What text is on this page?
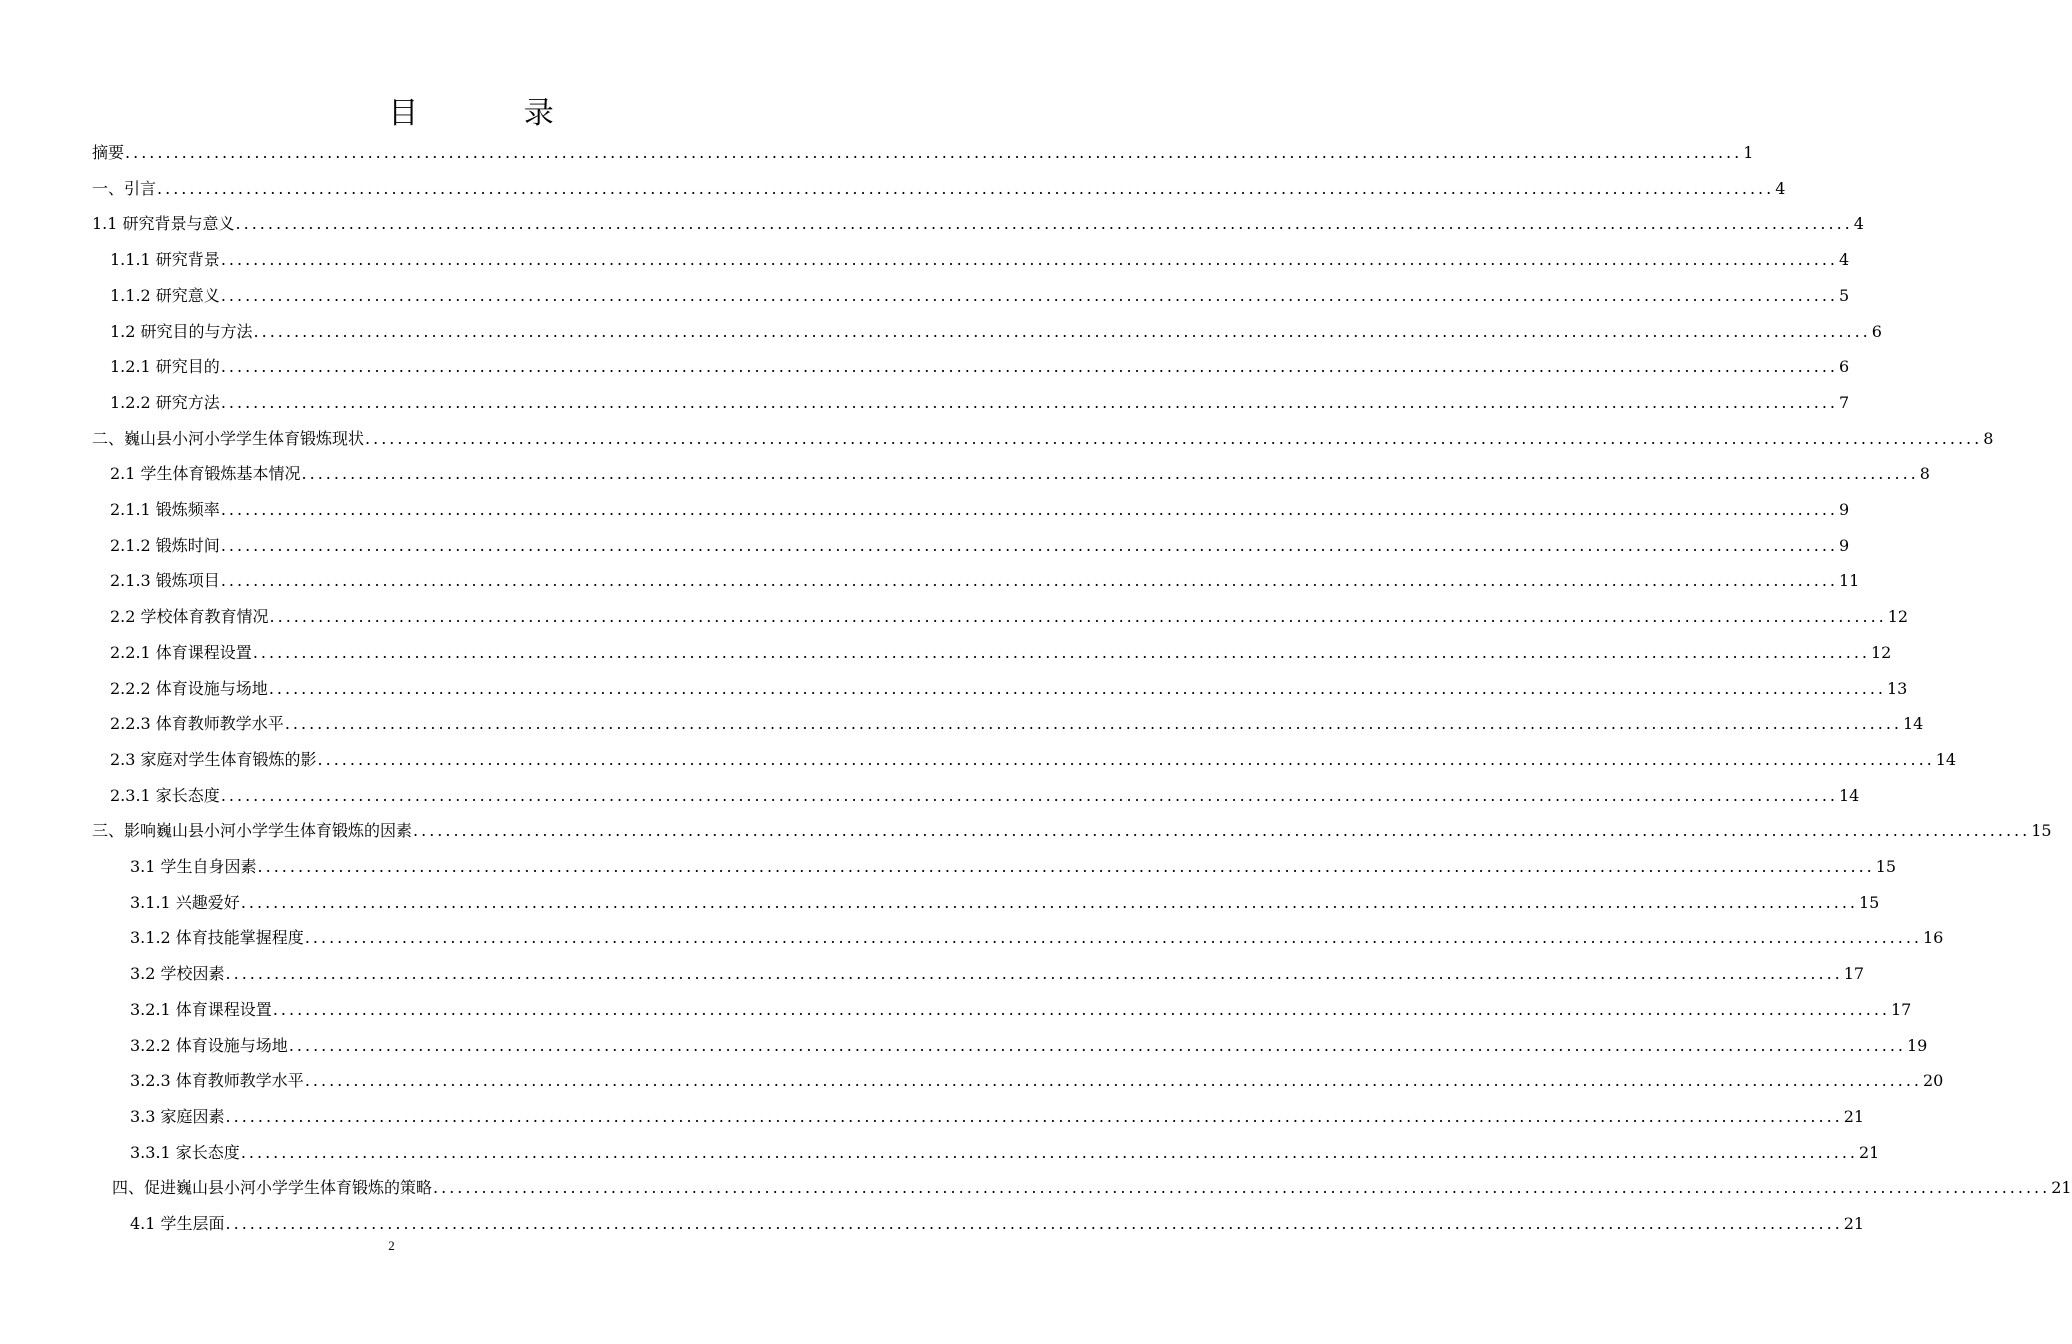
目 录
摘要 ........................................................................................................................................................................................................ 1
一、引言 ........................................................................................................................................................................................................ 4
1.1 研究背景与意义 ........................................................................................................................................................................................................ 4
1.1.1 研究背景 ........................................................................................................................................................................................................ 4
1.1.2 研究意义 ........................................................................................................................................................................................................ 5
1.2 研究目的与方法 ........................................................................................................................................................................................................ 6
1.2.1 研究目的 ........................................................................................................................................................................................................ 6
1.2.2 研究方法 ........................................................................................................................................................................................................ 7
二、巍山县小河小学学生体育锻炼现状 ........................................................................................................................................................................................................ 8
2.1 学生体育锻炼基本情况 ........................................................................................................................................................................................................ 8
2.1.1 锻炼频率 ........................................................................................................................................................................................................ 9
2.1.2 锻炼时间 ........................................................................................................................................................................................................ 9
2.1.3 锻炼项目 ........................................................................................................................................................................................................ 11
2.2 学校体育教育情况 ........................................................................................................................................................................................................ 12
2.2.1 体育课程设置 ........................................................................................................................................................................................................ 12
2.2.2 体育设施与场地 ........................................................................................................................................................................................................ 13
2.2.3 体育教师教学水平 ........................................................................................................................................................................................................ 14
2.3 家庭对学生体育锻炼的影 ........................................................................................................................................................................................................ 14
2.3.1 家长态度 ........................................................................................................................................................................................................ 14
三、影响巍山县小河小学学生体育锻炼的因素 ........................................................................................................................................................................................................ 15
3.1 学生自身因素 ........................................................................................................................................................................................................ 15
3.1.1 兴趣爱好 ........................................................................................................................................................................................................ 15
3.1.2 体育技能掌握程度 ........................................................................................................................................................................................................ 16
3.2 学校因素 ........................................................................................................................................................................................................ 17
3.2.1 体育课程设置 ........................................................................................................................................................................................................ 17
3.2.2 体育设施与场地 ........................................................................................................................................................................................................ 19
3.2.3 体育教师教学水平 ........................................................................................................................................................................................................ 20
3.3 家庭因素 ........................................................................................................................................................................................................ 21
3.3.1 家长态度 ........................................................................................................................................................................................................ 21
四、促进巍山县小河小学学生体育锻炼的策略 ........................................................................................................................................................................................................ 21
4.1 学生层面 ........................................................................................................................................................................................................ 21
2
